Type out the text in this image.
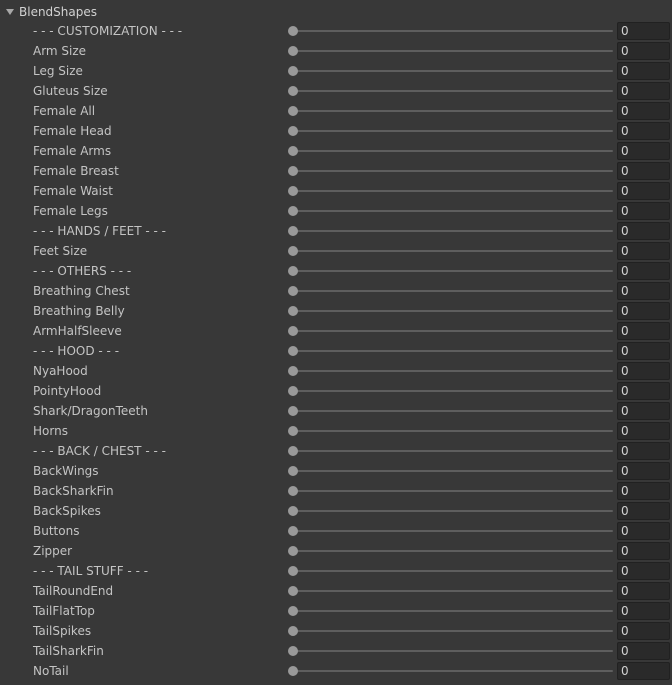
BlendShapes
- - - CUSTOMIZATION - - -	0
Arm Size	0
Leg Size	0
Gluteus Size	0
Female All	0
Female Head	0
Female Arms	0
Female Breast	0
Female Waist	0
Female Legs	0
- - - HANDS / FEET - - -	0
Feet Size	0
- - - OTHERS - - -	0
Breathing Chest	0
Breathing Belly	0
ArmHalfSleeve	0
- - - HOOD - - -	0
NyaHood	0
PointyHood	0
Shark/DragonTeeth	0
Horns	0
- - - BACK / CHEST - - -	0
BackWings	0
BackSharkFin	0
BackSpikes	0
Buttons	0
Zipper	0
- - - TAIL STUFF - - -	0
TailRoundEnd	0
TailFlatTop	0
TailSpikes	0
TailSharkFin	0
NoTail	0
